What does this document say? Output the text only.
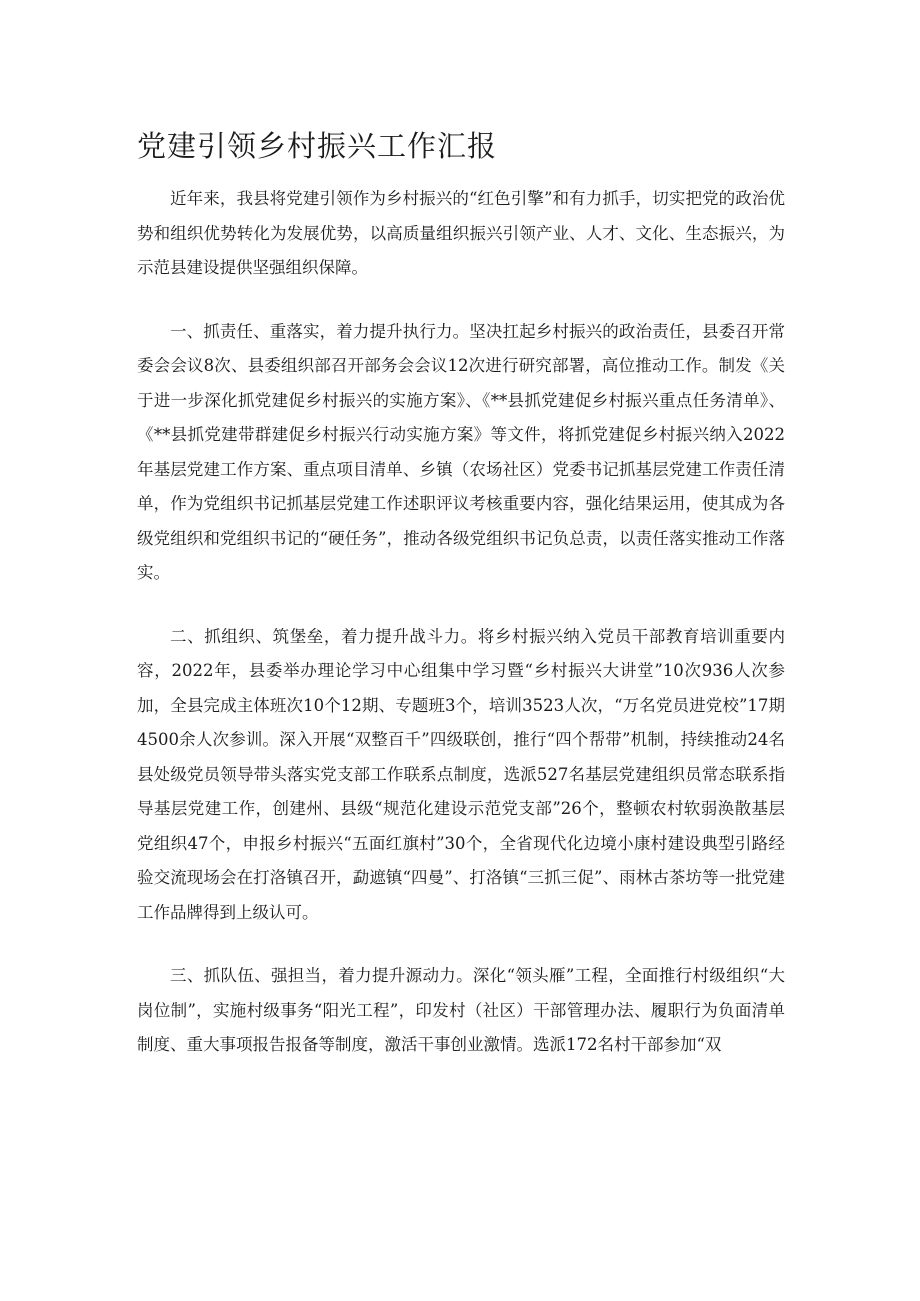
党建引领乡村振兴工作汇报

近年来，我县将党建引领作为乡村振兴的“红色引擎”和有力抓手，切实把党的政治优势和组织优势转化为发展优势，以高质量组织振兴引领产业、人才、文化、生态振兴，为示范县建设提供坚强组织保障。

一、抓责任、重落实，着力提升执行力。坚决扛起乡村振兴的政治责任，县委召开常委会会议8次、县委组织部召开部务会会议12次进行研究部署，高位推动工作。制发《关于进一步深化抓党建促乡村振兴的实施方案》、《**县抓党建促乡村振兴重点任务清单》、《**县抓党建带群建促乡村振兴行动实施方案》等文件，将抓党建促乡村振兴纳入2022年基层党建工作方案、重点项目清单、乡镇（农场社区）党委书记抓基层党建工作责任清单，作为党组织书记抓基层党建工作述职评议考核重要内容，强化结果运用，使其成为各级党组织和党组织书记的“硬任务”，推动各级党组织书记负总责，以责任落实推动工作落实。

二、抓组织、筑堡垒，着力提升战斗力。将乡村振兴纳入党员干部教育培训重要内容，2022年，县委举办理论学习中心组集中学习暨“乡村振兴大讲堂”10次936人次参加，全县完成主体班次10个12期、专题班3个，培训3523人次，“万名党员进党校”17期4500余人次参训。深入开展“双整百千”四级联创，推行“四个帮带”机制，持续推动24名县处级党员领导带头落实党支部工作联系点制度，选派527名基层党建组织员常态联系指导基层党建工作，创建州、县级“规范化建设示范党支部”26个，整顿农村软弱涣散基层党组织47个，申报乡村振兴“五面红旗村”30个，全省现代化边境小康村建设典型引路经验交流现场会在打洛镇召开，勐遮镇“四曼”、打洛镇“三抓三促”、雨林古茶坊等一批党建工作品牌得到上级认可。

三、抓队伍、强担当，着力提升源动力。深化“领头雁”工程，全面推行村级组织“大岗位制”，实施村级事务“阳光工程”，印发村（社区）干部管理办法、履职行为负面清单制度、重大事项报告报备等制度，激活干事创业激情。选派172名村干部参加“双
